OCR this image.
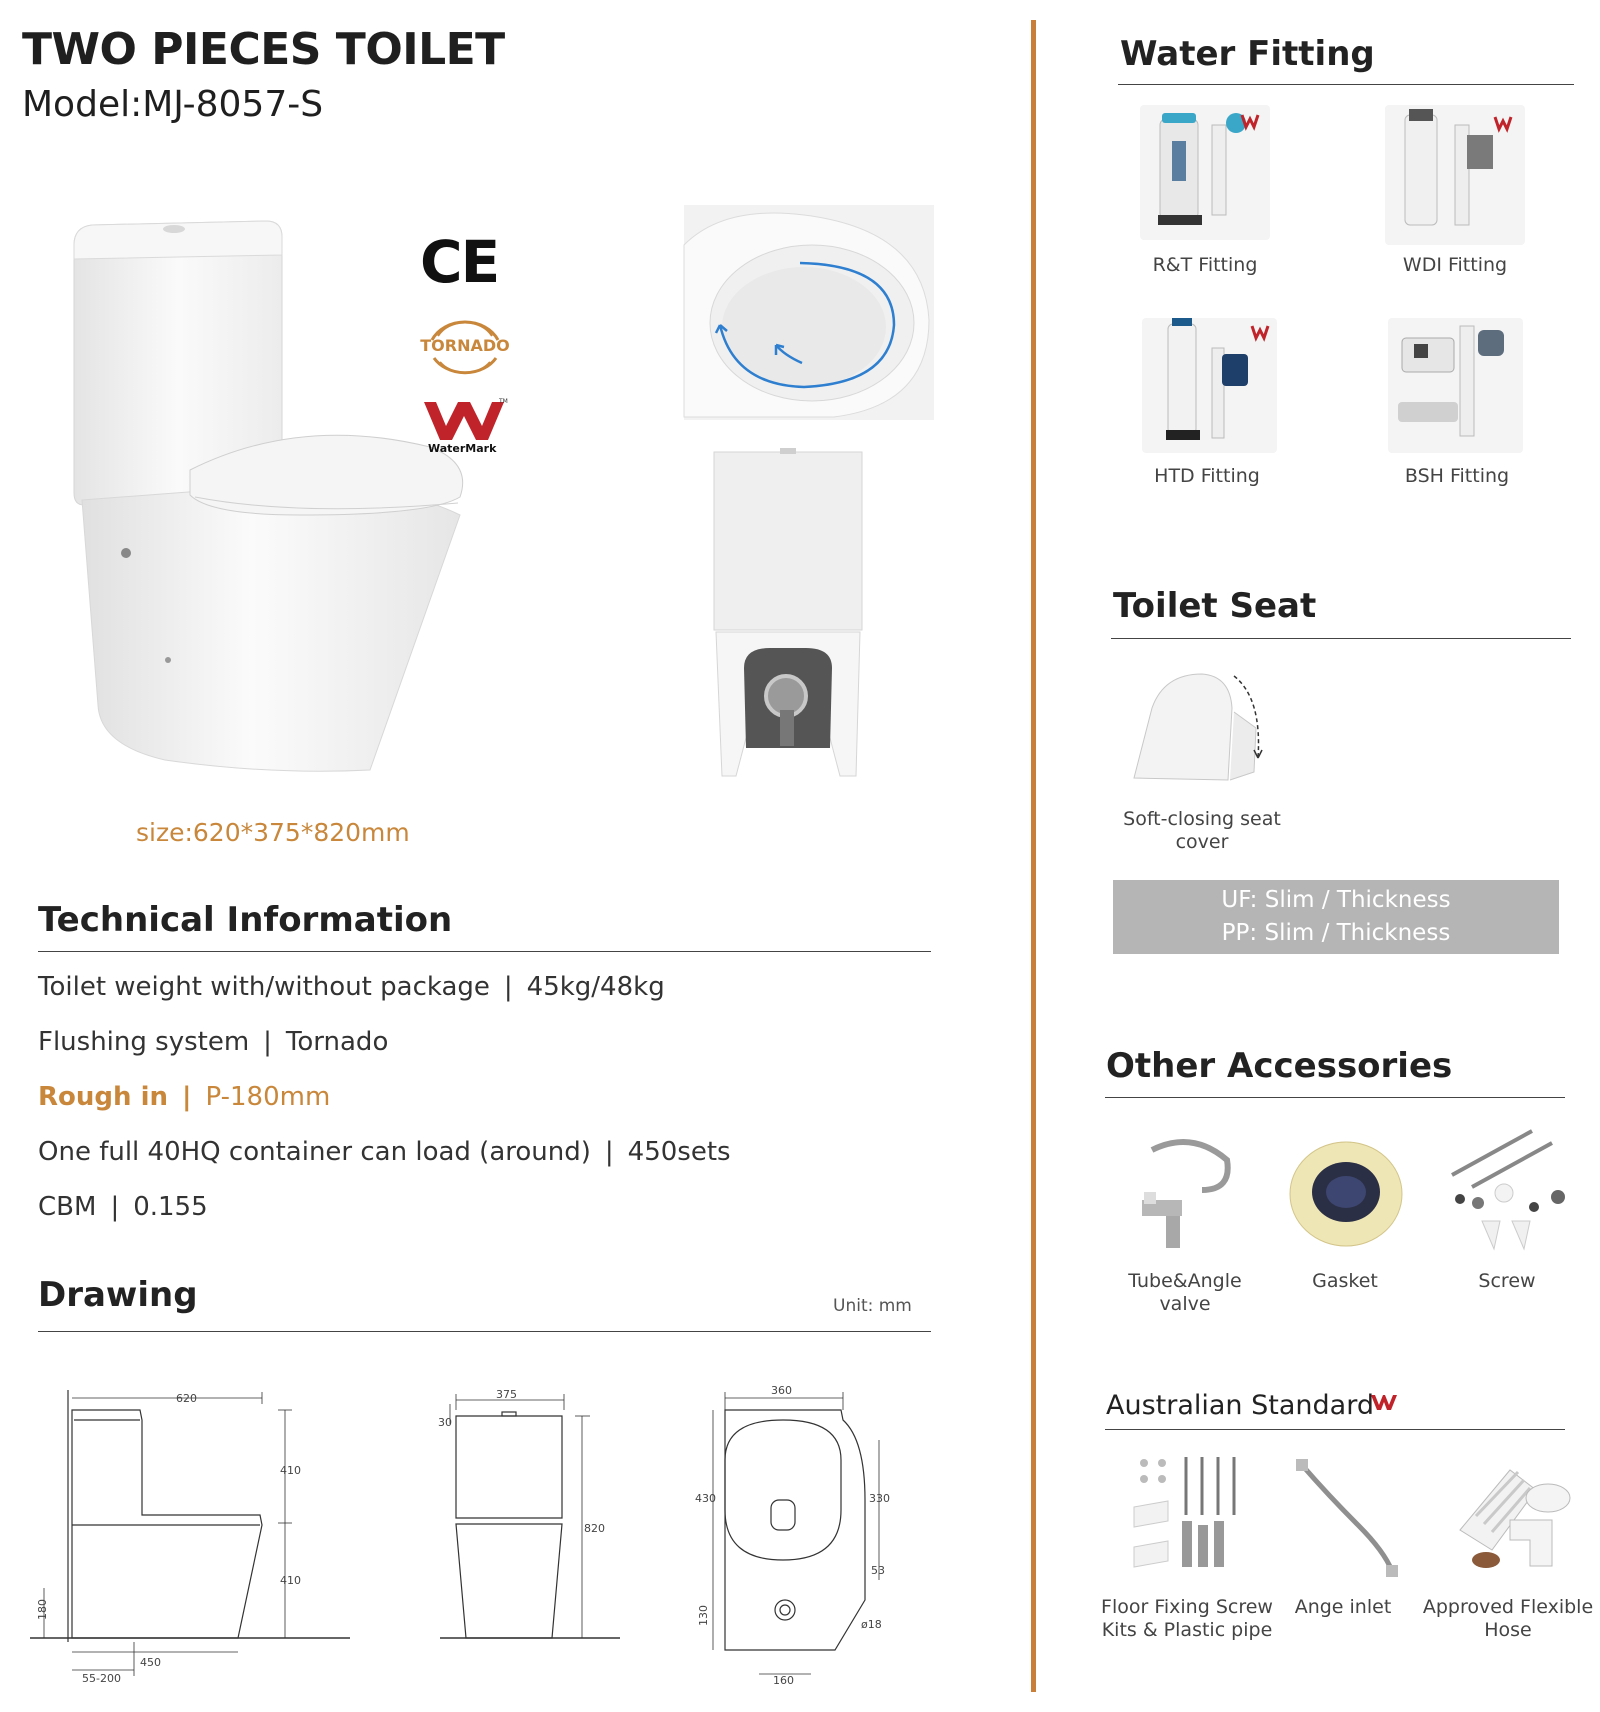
TWO PIECES TOILET
Model:MJ-8057-S
size:620*375*820mm
CE
TORNADO
TM
WaterMark
Technical Information
Toilet weight with/without package | 45kg/48kg
Flushing system | Tornado
Rough in | P-180mm
One full 40HQ container can load (around) | 450sets
CBM | 0.155
Drawing	Unit: mm
620
410
410
180
450
55-200
375
30
820
360
430	330
53
130
160
ø18
Water Fitting
R&T Fitting	WDI Fitting
HTD Fitting	BSH Fitting
Toilet Seat
Soft-closing seat cover
UF: Slim / Thickness
PP: Slim / Thickness
Other Accessories
Tube&Angle valve
Gasket	Screw
Australian Standard
Floor Fixing Screw Kits & Plastic pipe
Ange inlet	Approved Flexible Hose
